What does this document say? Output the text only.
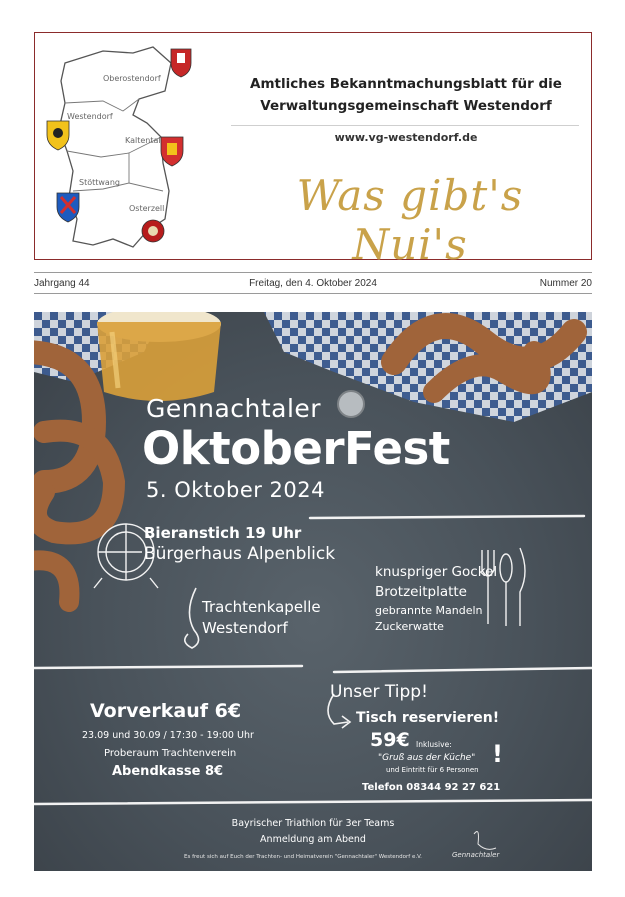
Oberostendorf
Westendorf
Kaltental
Stöttwang
Osterzell
Amtliches Bekanntmachungsblatt für die
Verwaltungsgemeinschaft Westendorf
www.vg-westendorf.de
Was gibt's Nui's
Jahrgang 44	Freitag, den 4. Oktober 2024	Nummer 20
Gennachtaler
OktoberFest
5. Oktober 2024
Bieranstich 19 Uhr
Bürgerhaus Alpenblick
Trachtenkapelle
Westendorf
knuspriger Gockel
Brotzeitplatte
gebrannte Mandeln
Zuckerwatte
Vorverkauf 6€
23.09 und 30.09 / 17:30 - 19:00 Uhr
Proberaum Trachtenverein
Abendkasse 8€
Unser Tipp!
Tisch reservieren!
59€ Inklusive:
"Gruß aus der Küche"
und Eintritt für 6 Personen
!
Telefon 08344 92 27 621
Bayrischer Triathlon für 3er Teams
Anmeldung am Abend
Es freut sich auf Euch der Trachten- und Heimatverein "Gennachtaler" Westendorf e.V.	Gennachtaler
